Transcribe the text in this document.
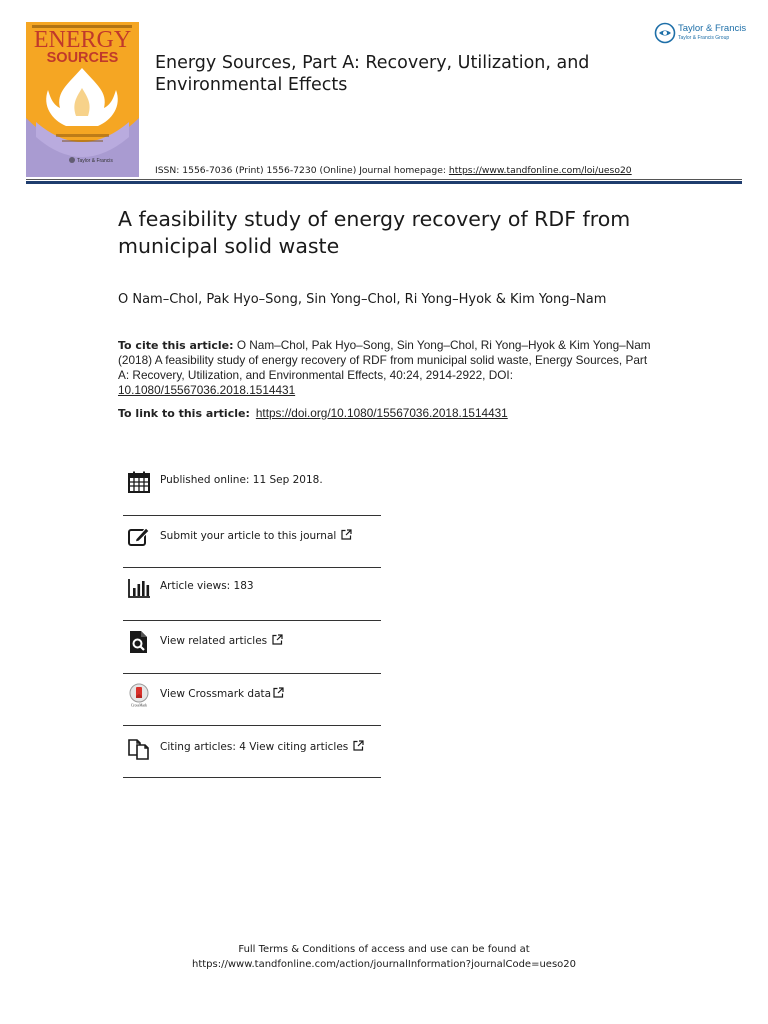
ENERGY
SOURCES
Taylor & Francis
Energy Sources, Part A: Recovery, Utilization, and Environmental Effects
Taylor & Francis
Taylor & Francis Group
ISSN: 1556-7036 (Print) 1556-7230 (Online) Journal homepage: https://www.tandfonline.com/loi/ueso20
A feasibility study of energy recovery of RDF from municipal solid waste
O Nam–Chol, Pak Hyo–Song, Sin Yong–Chol, Ri Yong–Hyok & Kim Yong–Nam
To cite this article: O Nam–Chol, Pak Hyo–Song, Sin Yong–Chol, Ri Yong–Hyok & Kim Yong–Nam (2018) A feasibility study of energy recovery of RDF from municipal solid waste, Energy Sources, Part A: Recovery, Utilization, and Environmental Effects, 40:24, 2914-2922, DOI: 10.1080/15567036.2018.1514431
To link to this article: https://doi.org/10.1080/15567036.2018.1514431
Published online: 11 Sep 2018.
Submit your article to this journal
Article views: 183
View related articles
CrossMark
View Crossmark data
Citing articles: 4 View citing articles
Full Terms & Conditions of access and use can be found at
https://www.tandfonline.com/action/journalInformation?journalCode=ueso20
